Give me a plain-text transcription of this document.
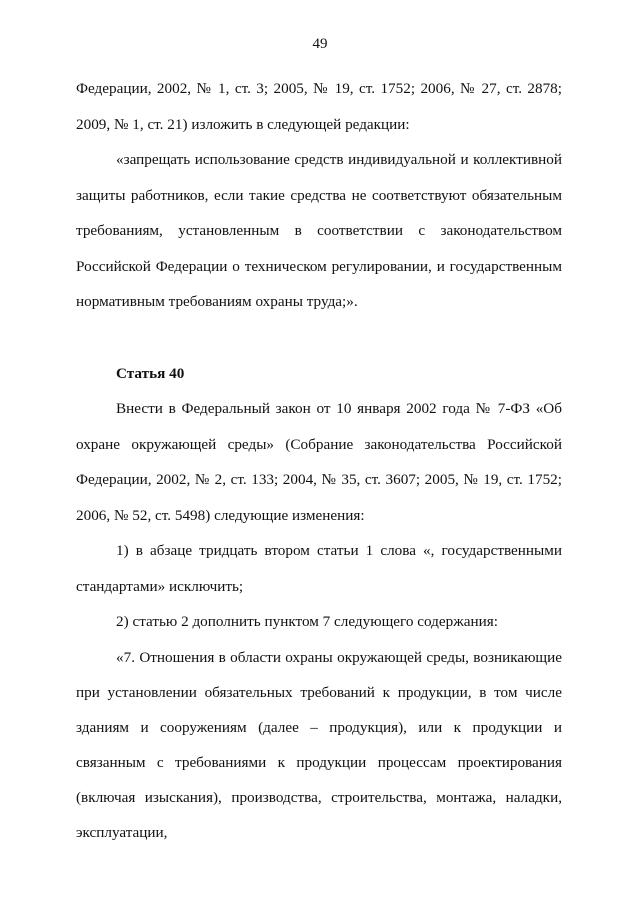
49

Федерации, 2002, № 1, ст. 3; 2005, № 19, ст. 1752; 2006, № 27, ст. 2878; 2009, № 1, ст. 21) изложить в следующей редакции:

«запрещать использование средств индивидуальной и коллективной защиты работников, если такие средства не соответствуют обязательным требованиям, установленным в соответствии с законодательством Российской Федерации о техническом регулировании, и государственным нормативным требованиям охраны труда;».

Статья 40

Внести в Федеральный закон от 10 января 2002 года № 7-ФЗ «Об охране окружающей среды» (Собрание законодательства Российской Федерации, 2002, № 2, ст. 133; 2004, № 35, ст. 3607; 2005, № 19, ст. 1752; 2006, № 52, ст. 5498) следующие изменения:

1) в абзаце тридцать втором статьи 1 слова «, государственными стандартами» исключить;

2) статью 2 дополнить пунктом 7 следующего содержания:

«7. Отношения в области охраны окружающей среды, возникающие при установлении обязательных требований к продукции, в том числе зданиям и сооружениям (далее – продукция), или к продукции и связанным с требованиями к продукции процессам проектирования (включая изыскания), производства, строительства, монтажа, наладки, эксплуатации,
